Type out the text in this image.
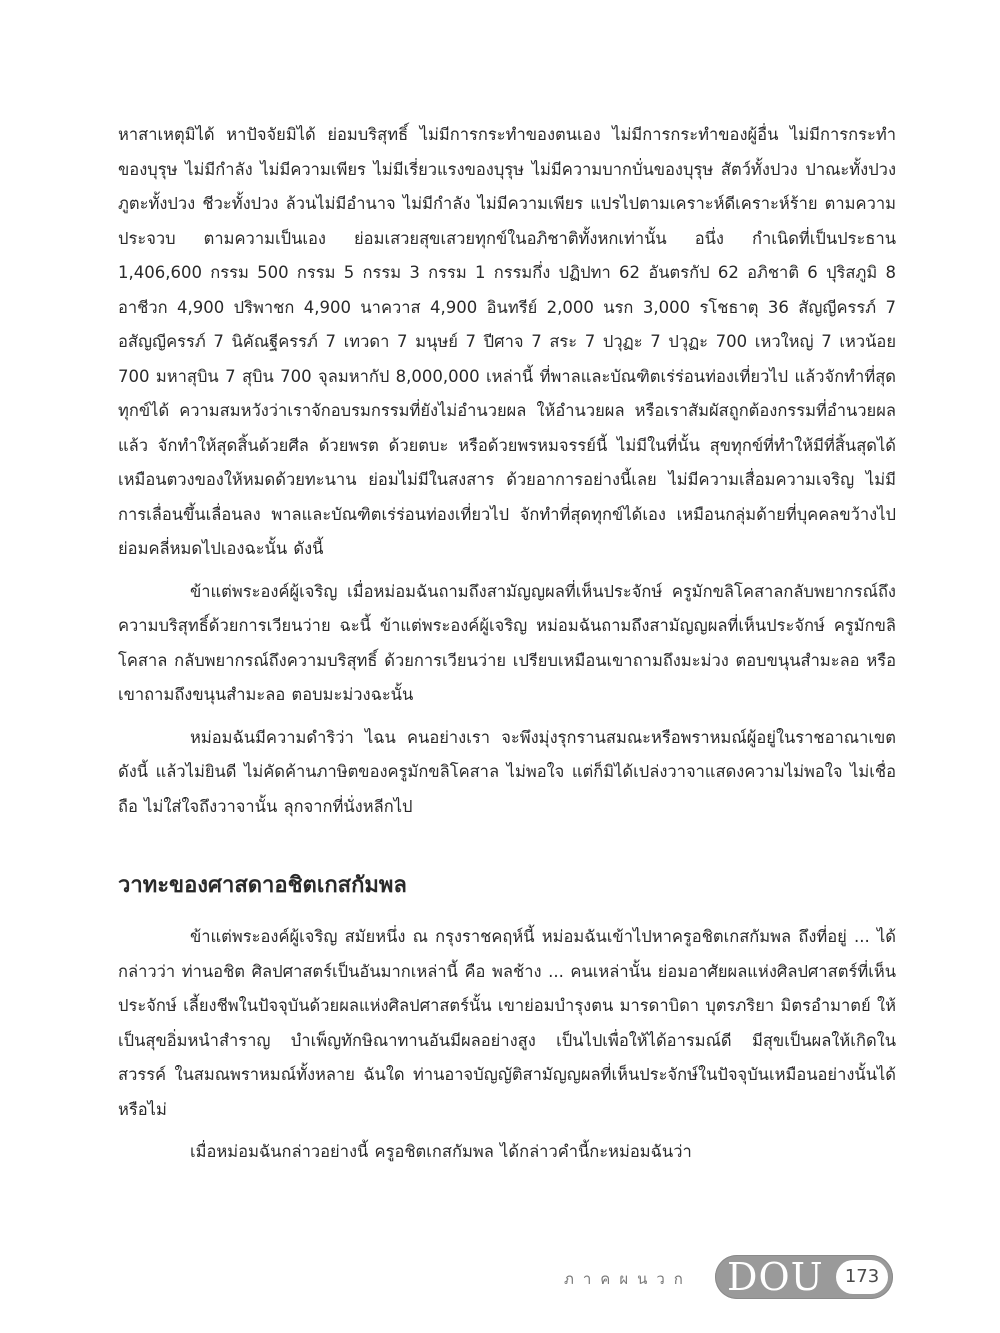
หาสาเหตุมิได้ หาปัจจัยมิได้ ย่อมบริสุทธิ์ ไม่มีการกระทำของตนเอง ไม่มีการกระทำของผู้อื่น ไม่มีการกระทำของบุรุษ ไม่มีกำลัง ไม่มีความเพียร ไม่มีเรี่ยวแรงของบุรุษ ไม่มีความบากบั่นของบุรุษ สัตว์ทั้งปวง ปาณะทั้งปวง ภูตะทั้งปวง ชีวะทั้งปวง ล้วนไม่มีอำนาจ ไม่มีกำลัง ไม่มีความเพียร แปรไปตามเคราะห์ดีเคราะห์ร้าย ตามความประจวบ ตามความเป็นเอง ย่อมเสวยสุขเสวยทุกข์ในอภิชาติทั้งหกเท่านั้น อนึ่ง กำเนิดที่เป็นประธาน 1,406,600 กรรม 500 กรรม 5 กรรม 3 กรรม 1 กรรมกึ่ง ปฏิปทา 62 อันตรกัป 62 อภิชาติ 6 ปุริสภูมิ 8 อาชีวก 4,900 ปริพาชก 4,900 นาควาส 4,900 อินทรีย์ 2,000 นรก 3,000 รโชธาตุ 36 สัญญีครรภ์ 7 อสัญญีครรภ์ 7 นิคัณฐีครรภ์ 7 เทวดา 7 มนุษย์ 7 ปีศาจ 7 สระ 7 ปวุฏะ 7 ปวุฏะ 700 เหวใหญ่ 7 เหวน้อย 700 มหาสุบิน 7 สุบิน 700 จุลมหากัป 8,000,000 เหล่านี้ ที่พาลและบัณฑิตเร่ร่อนท่องเที่ยวไป แล้วจักทำที่สุดทุกข์ได้ ความสมหวังว่าเราจักอบรมกรรมที่ยังไม่อำนวยผล ให้อำนวยผล หรือเราสัมผัสถูกต้องกรรมที่อำนวยผลแล้ว จักทำให้สุดสิ้นด้วยศีล ด้วยพรต ด้วยตบะ หรือด้วยพรหมจรรย์นี้ ไม่มีในที่นั้น สุขทุกข์ที่ทำให้มีที่สิ้นสุดได้ เหมือนตวงของให้หมดด้วยทะนาน ย่อมไม่มีในสงสาร ด้วยอาการอย่างนี้เลย ไม่มีความเสื่อมความเจริญ ไม่มีการเลื่อนขึ้นเลื่อนลง พาลและบัณฑิตเร่ร่อนท่องเที่ยวไป จักทำที่สุดทุกข์ได้เอง เหมือนกลุ่มด้ายที่บุคคลขว้างไป ย่อมคลี่หมดไปเองฉะนั้น ดังนี้

ข้าแต่พระองค์ผู้เจริญ เมื่อหม่อมฉันถามถึงสามัญญผลที่เห็นประจักษ์ ครูมักขลิโคสาลกลับพยากรณ์ถึงความบริสุทธิ์ด้วยการเวียนว่าย ฉะนี้ ข้าแต่พระองค์ผู้เจริญ หม่อมฉันถามถึงสามัญญผลที่เห็นประจักษ์ ครูมักขลิโคสาล กลับพยากรณ์ถึงความบริสุทธิ์ ด้วยการเวียนว่าย เปรียบเหมือนเขาถามถึงมะม่วง ตอบขนุนสำมะลอ หรือเขาถามถึงขนุนสำมะลอ ตอบมะม่วงฉะนั้น

หม่อมฉันมีความดำริว่า ไฉน คนอย่างเรา จะพึงมุ่งรุกรานสมณะหรือพราหมณ์ผู้อยู่ในราชอาณาเขตดังนี้ แล้วไม่ยินดี ไม่คัดค้านภาษิตของครูมักขลิโคสาล ไม่พอใจ แต่ก็มิได้เปล่งวาจาแสดงความไม่พอใจ ไม่เชื่อถือ ไม่ใส่ใจถึงวาจานั้น ลุกจากที่นั่งหลีกไป

วาทะของศาสดาอชิตเกสกัมพล

ข้าแต่พระองค์ผู้เจริญ สมัยหนึ่ง ณ กรุงราชคฤห์นี้ หม่อมฉันเข้าไปหาครูอชิตเกสกัมพล ถึงที่อยู่ ... ได้กล่าวว่า ท่านอชิต ศิลปศาสตร์เป็นอันมากเหล่านี้ คือ พลช้าง ... คนเหล่านั้น ย่อมอาศัยผลแห่งศิลปศาสตร์ที่เห็นประจักษ์ เลี้ยงชีพในปัจจุบันด้วยผลแห่งศิลปศาสตร์นั้น เขาย่อมบำรุงตน มารดาบิดา บุตรภริยา มิตรอำมาตย์ ให้เป็นสุขอิ่มหนำสำราญ บำเพ็ญทักษิณาทานอันมีผลอย่างสูง เป็นไปเพื่อให้ได้อารมณ์ดี มีสุขเป็นผลให้เกิดในสวรรค์ ในสมณพราหมณ์ทั้งหลาย ฉันใด ท่านอาจบัญญัติสามัญญผลที่เห็นประจักษ์ในปัจจุบันเหมือนอย่างนั้นได้หรือไม่

เมื่อหม่อมฉันกล่าวอย่างนี้ ครูอชิตเกสกัมพล ได้กล่าวคำนี้กะหม่อมฉันว่า

ภาคผนวก DOU	173
